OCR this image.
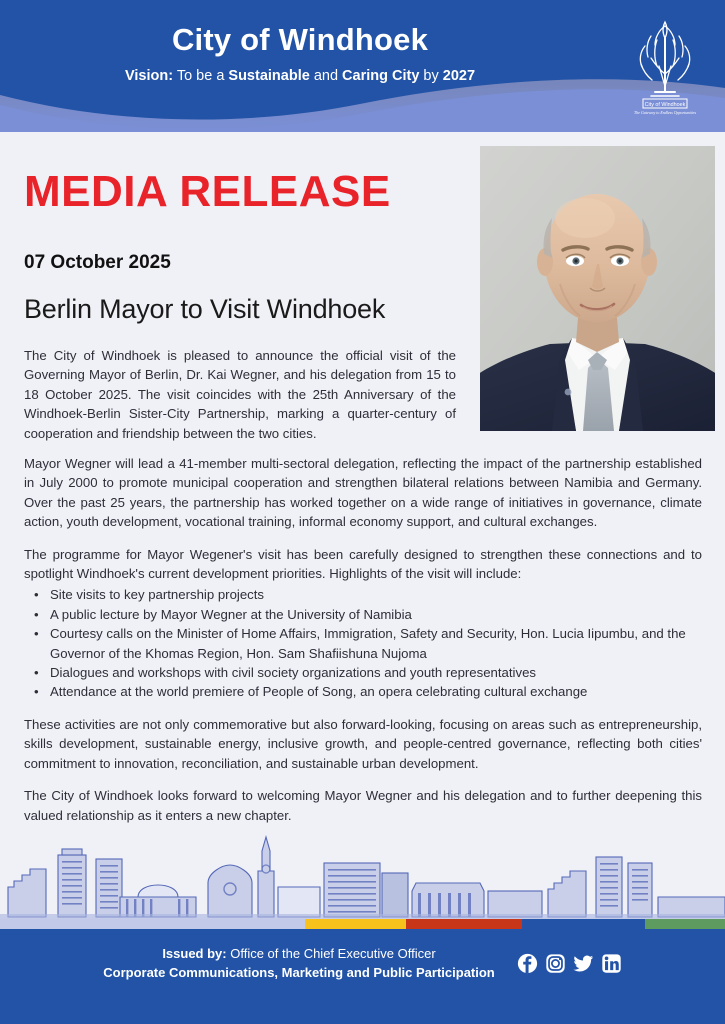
City of Windhoek
Vision: To be a Sustainable and Caring City by 2027
City of Windhoek
The Gateway to Endless Opportunities
MEDIA RELEASE
07 October 2025
Berlin Mayor to Visit Windhoek

The City of Windhoek is pleased to announce the official visit of the Governing Mayor of Berlin, Dr. Kai Wegner, and his delegation from 15 to 18 October 2025. The visit coincides with the 25th Anniversary of the Windhoek-Berlin Sister-City Partnership, marking a quarter-century of cooperation and friendship between the two cities.

Mayor Wegner will lead a 41-member multi-sectoral delegation, reflecting the impact of the partnership established in July 2000 to promote municipal cooperation and strengthen bilateral relations between Namibia and Germany. Over the past 25 years, the partnership has worked together on a wide range of initiatives in governance, climate action, youth development, vocational training, informal economy support, and cultural exchanges.

The programme for Mayor Wegener's visit has been carefully designed to strengthen these connections and to spotlight Windhoek's current development priorities. Highlights of the visit will include:

• Site visits to key partnership projects
• A public lecture by Mayor Wegner at the University of Namibia
• Courtesy calls on the Minister of Home Affairs, Immigration, Safety and Security, Hon. Lucia Iipumbu, and the Governor of the Khomas Region, Hon. Sam Shafiishuna Nujoma
• Dialogues and workshops with civil society organizations and youth representatives
• Attendance at the world premiere of People of Song, an opera celebrating cultural exchange

These activities are not only commemorative but also forward-looking, focusing on areas such as entrepreneurship, skills development, sustainable energy, inclusive growth, and people-centred governance, reflecting both cities' commitment to innovation, reconciliation, and sustainable urban development.

The City of Windhoek looks forward to welcoming Mayor Wegner and his delegation and to further deepening this valued relationship as it enters a new chapter.

Issued by: Office of the Chief Executive Officer
Corporate Communications, Marketing and Public Participation
